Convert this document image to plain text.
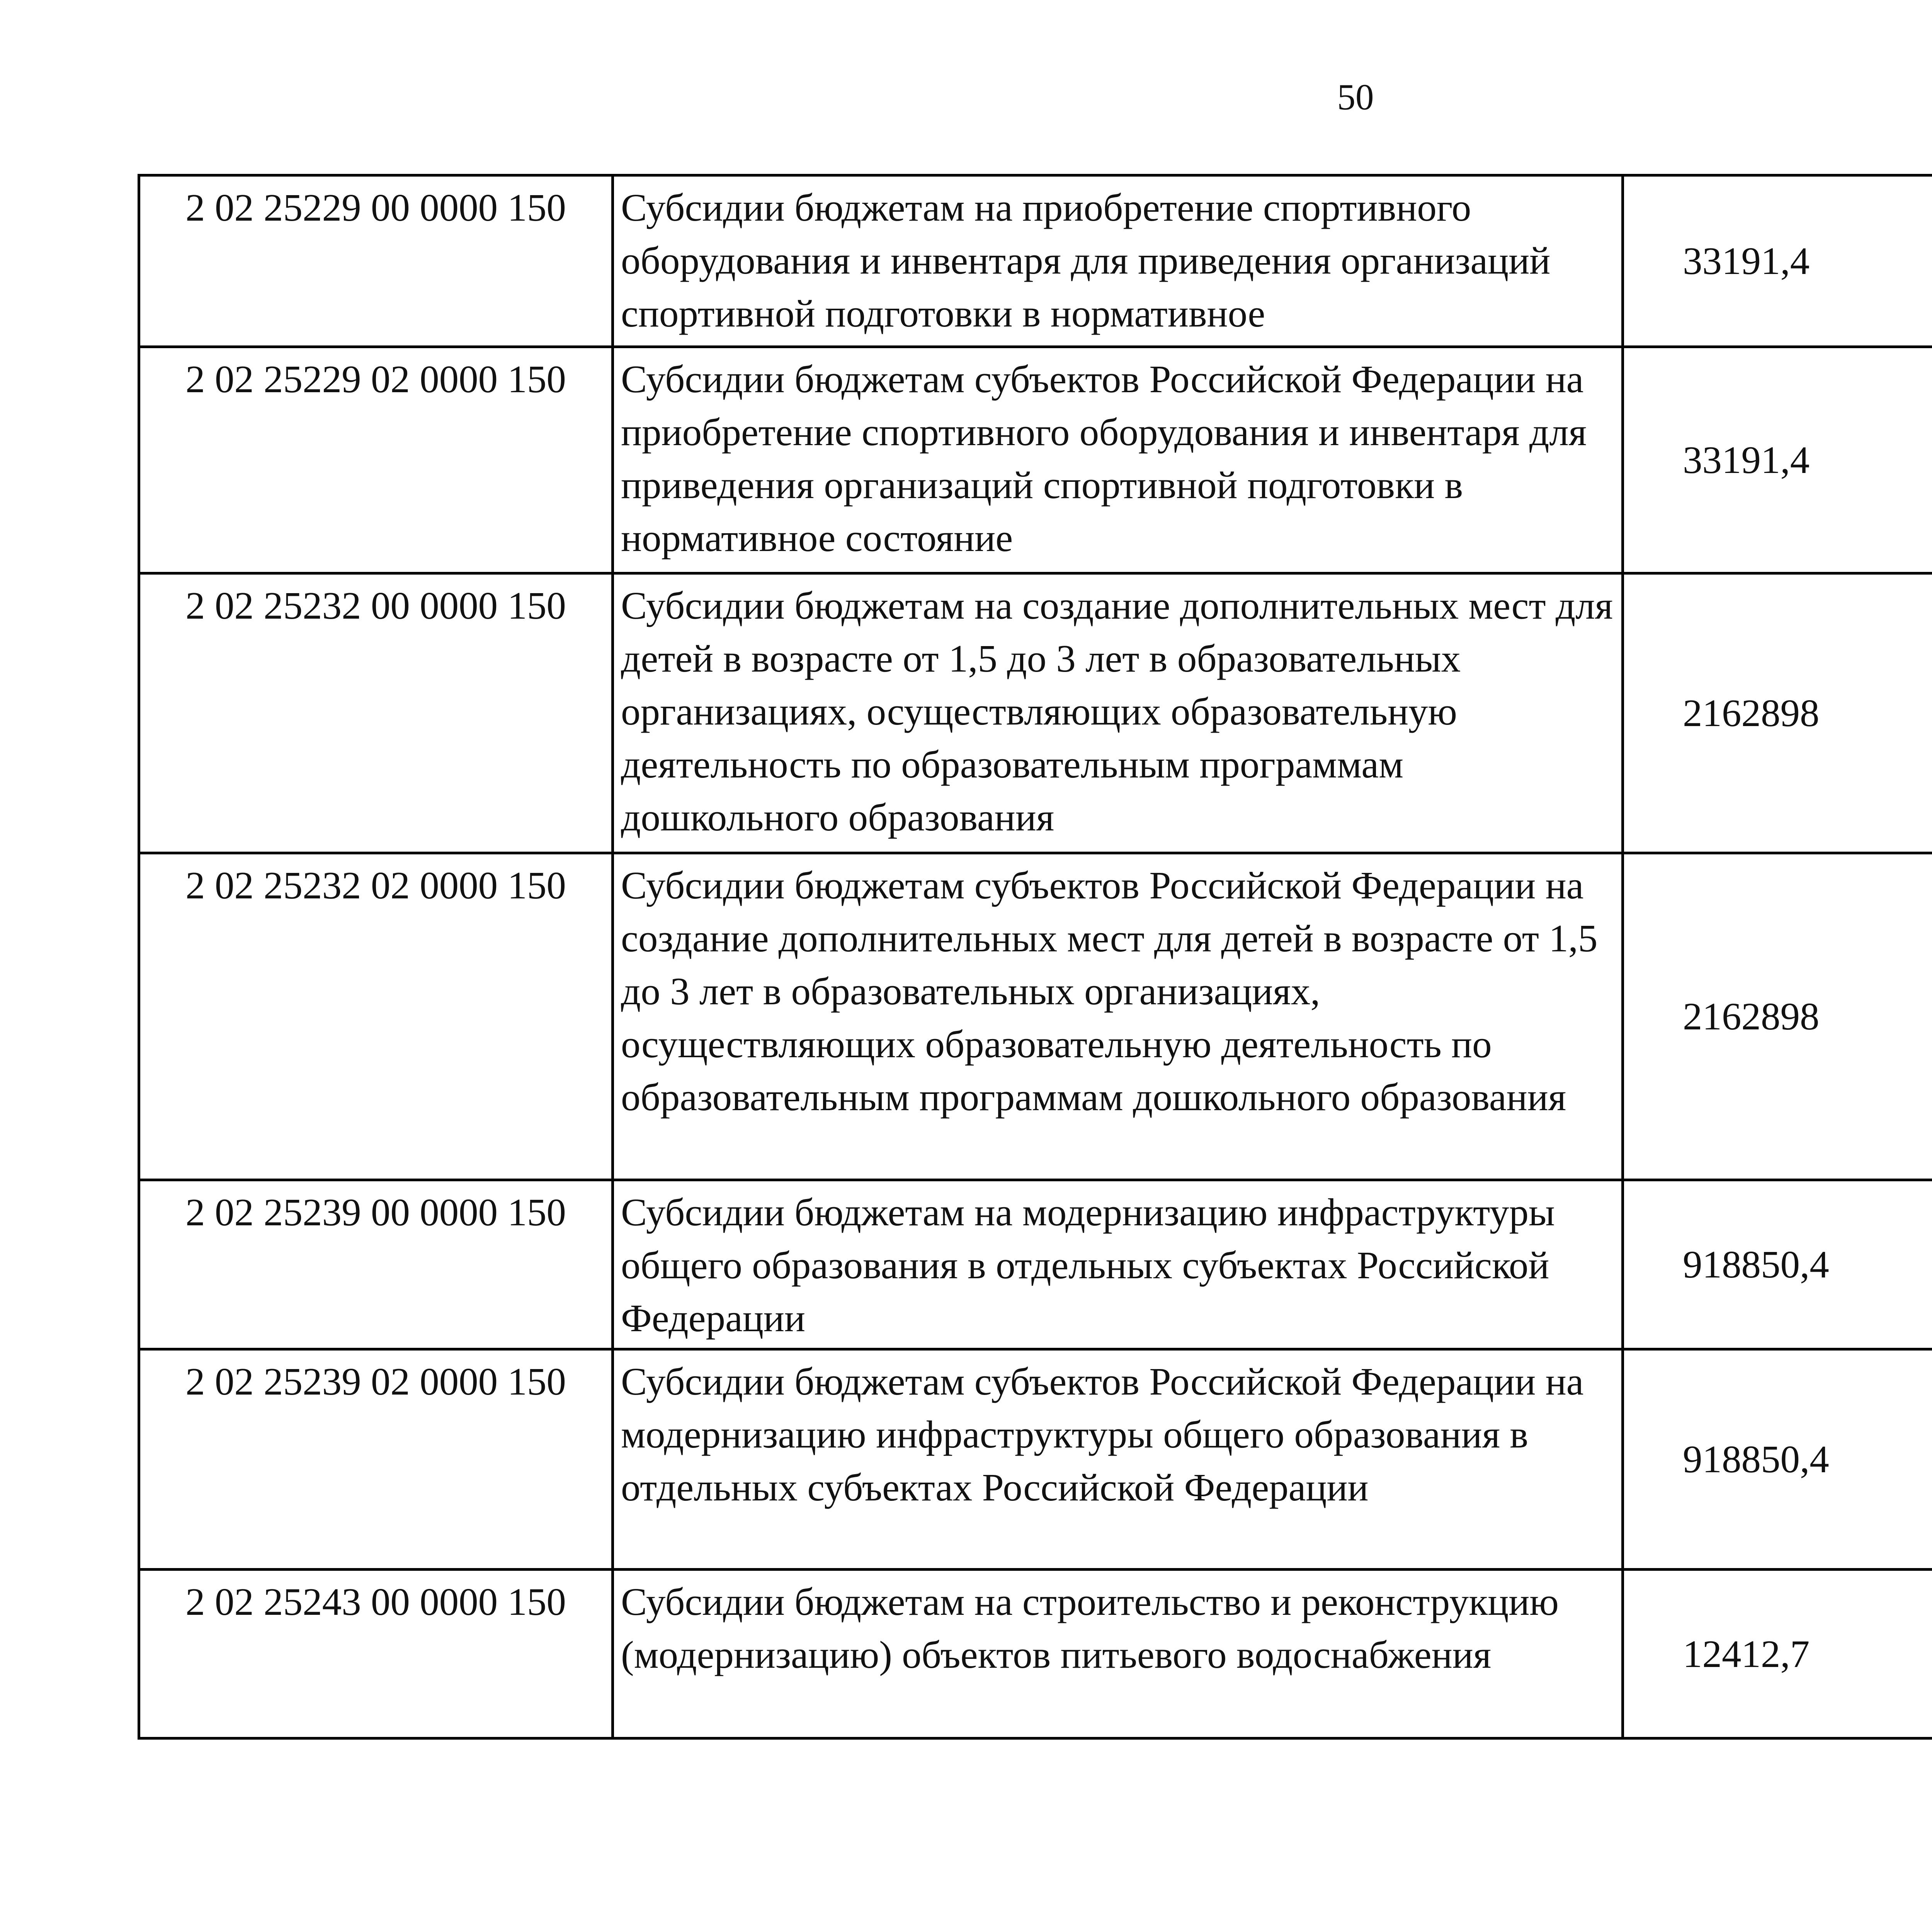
50
2 02 25229 00 0000 150	Субсидии бюджетам на приобретение спортивного оборудования и инвентаря для приведения организаций спортивной подготовки в нормативное	33191,4		
2 02 25229 02 0000 150	Субсидии бюджетам субъектов Российской Федерации на приобретение спортивного оборудования и инвентаря для приведения организаций спортивной подготовки в нормативное состояние	33191,4		
2 02 25232 00 0000 150	Субсидии бюджетам на создание дополнительных мест для детей в возрасте от 1,5 до 3 лет в образовательных организациях, осуществляющих образовательную деятельность по образовательным программам дошкольного образования	2162898		
2 02 25232 02 0000 150	Субсидии бюджетам субъектов Российской Федерации на создание дополнительных мест для детей в возрасте от 1,5 до 3 лет в образовательных организациях, осуществляющих образовательную деятельность по образовательным программам дошкольного образования	2162898		
2 02 25239 00 0000 150	Субсидии бюджетам на модернизацию инфраструктуры общего образования в отдельных субъектах Российской Федерации	918850,4		
2 02 25239 02 0000 150	Субсидии бюджетам субъектов Российской Федерации на модернизацию инфраструктуры общего образования в отдельных субъектах Российской Федерации	918850,4		
2 02 25243 00 0000 150	Субсидии бюджетам на строительство и реконструкцию (модернизацию) объектов питьевого водоснабжения	12412,7		
